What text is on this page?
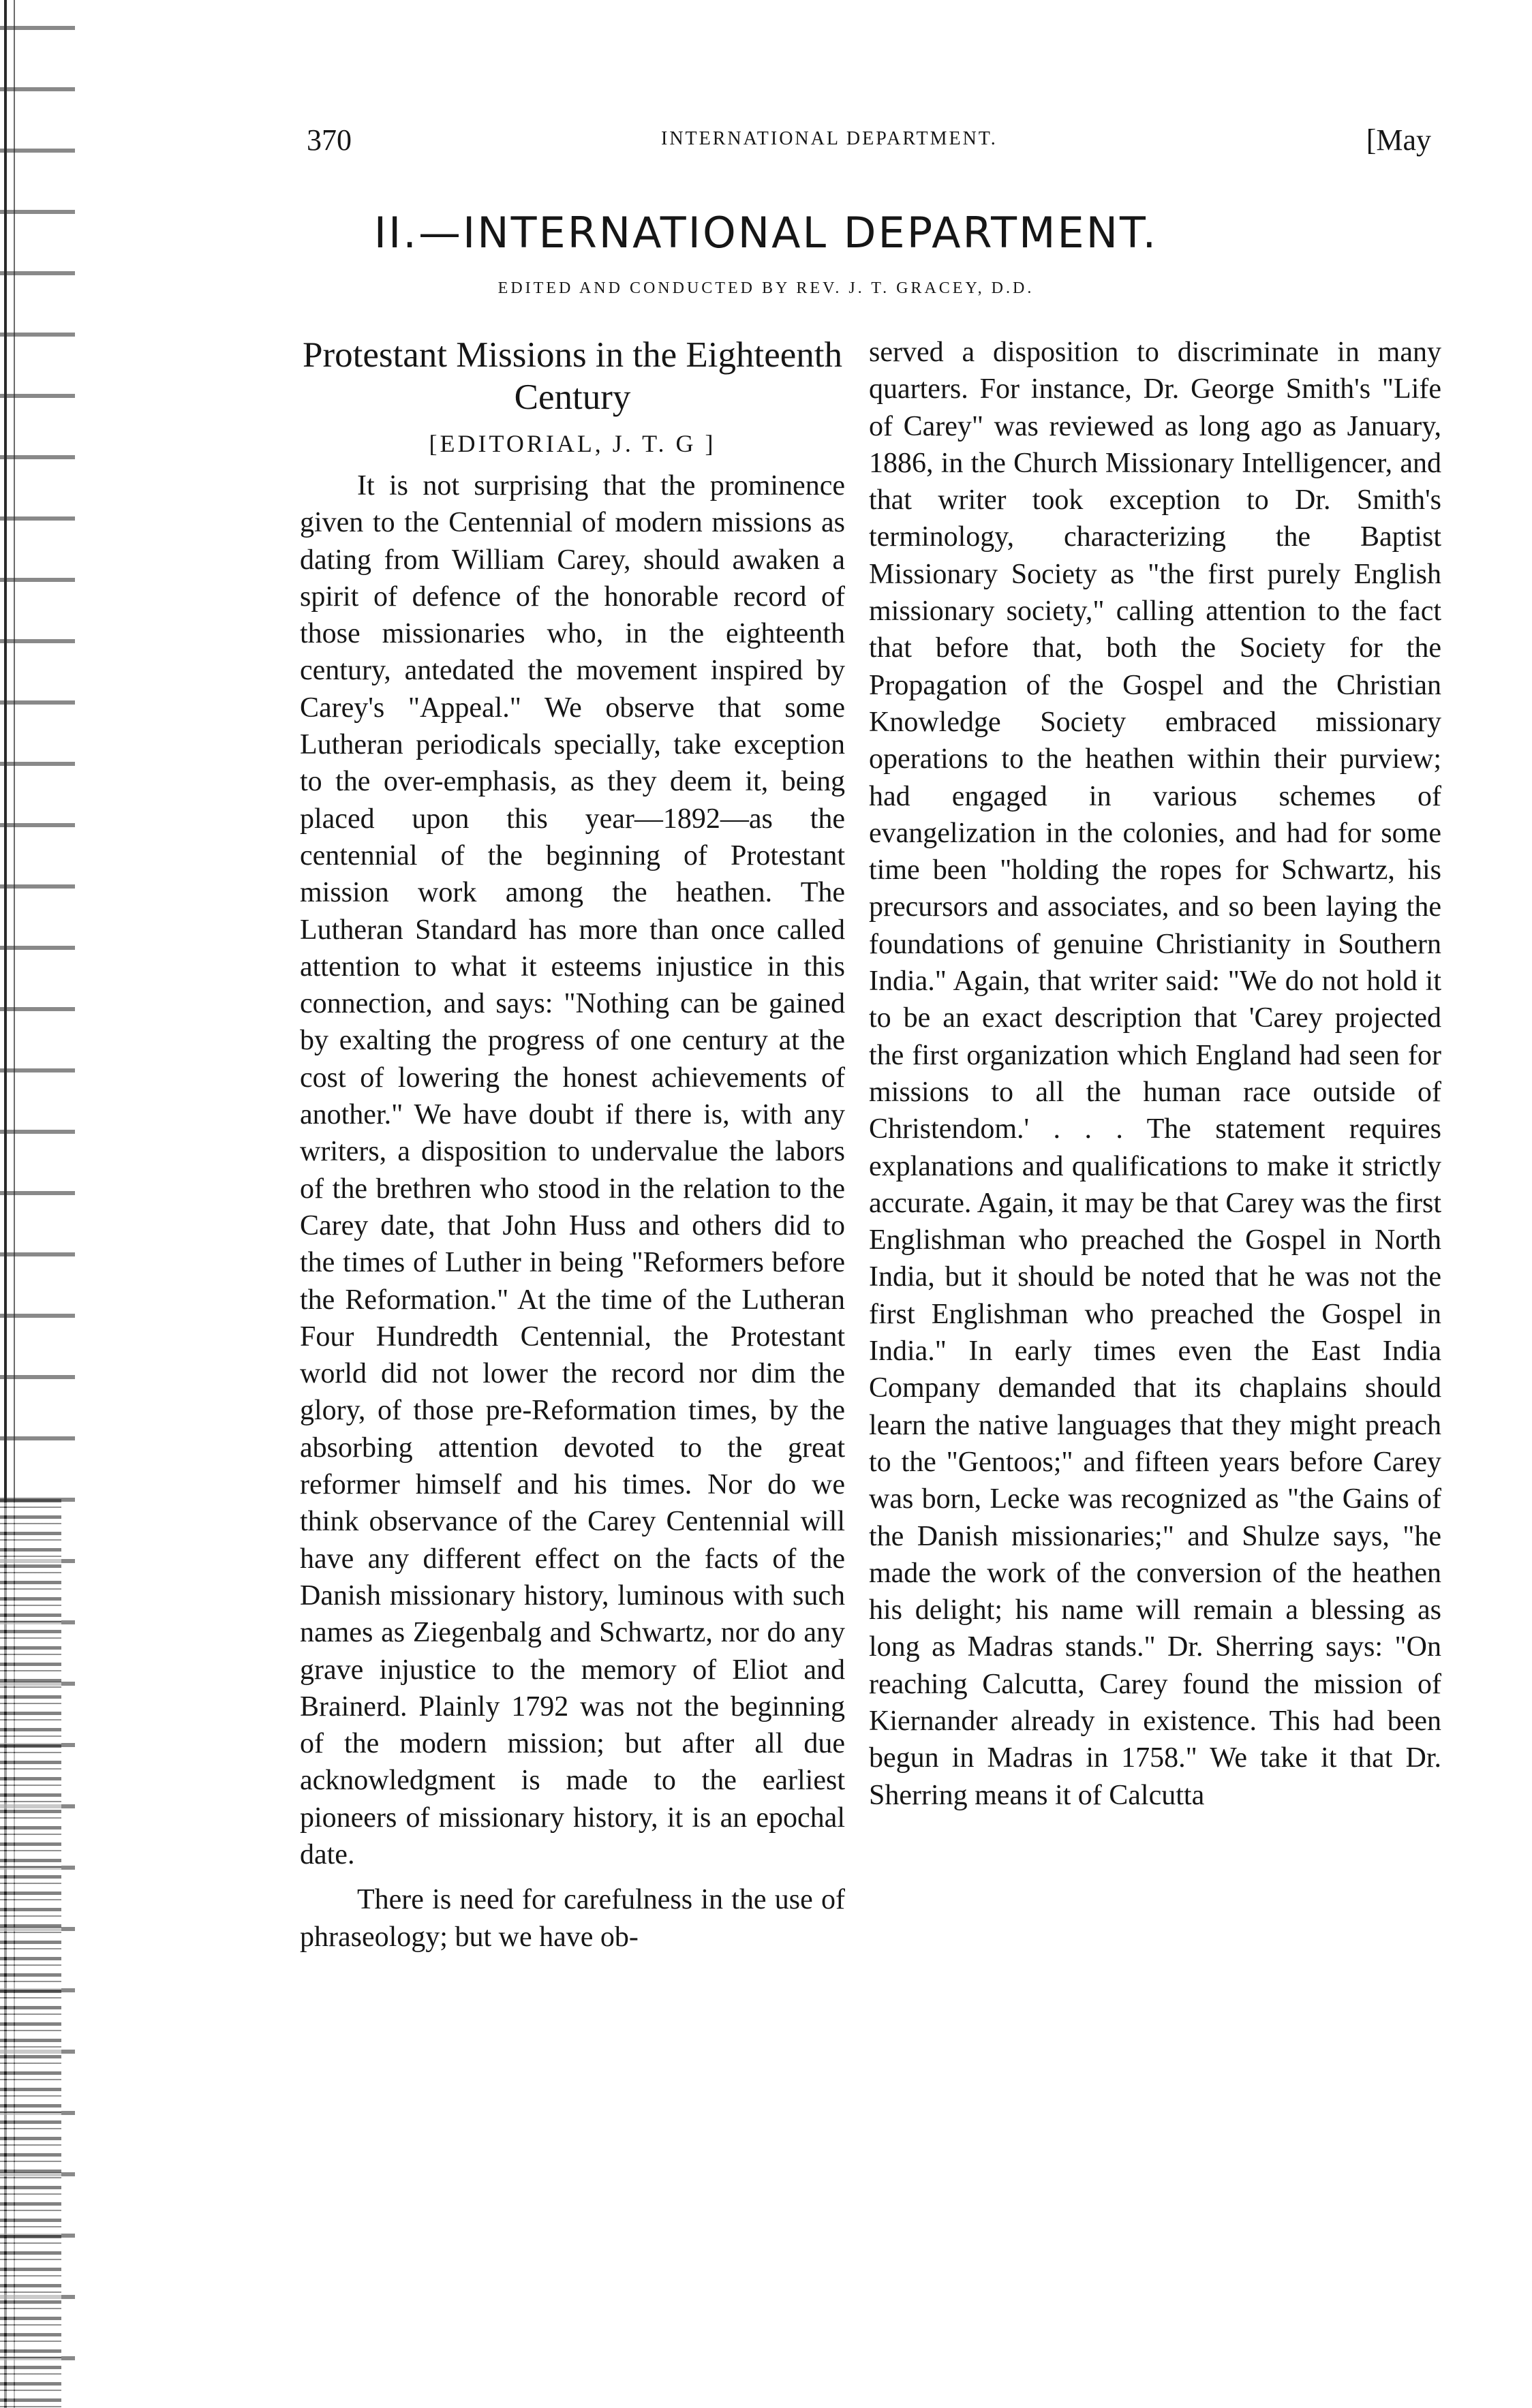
370	INTERNATIONAL DEPARTMENT.	[May
II.—INTERNATIONAL DEPARTMENT.
EDITED AND CONDUCTED BY REV. J. T. GRACEY, D.D.
Protestant Missions in the Eighteenth Century
[EDITORIAL, J. T. G ]

It is not surprising that the prominence given to the Centennial of modern missions as dating from William Carey, should awaken a spirit of defence of the honorable record of those missionaries who, in the eighteenth century, antedated the movement inspired by Carey's "Appeal." We observe that some Lutheran periodicals specially, take exception to the over-emphasis, as they deem it, being placed upon this year—1892—as the centennial of the beginning of Protestant mission work among the heathen. The Lutheran Standard has more than once called attention to what it esteems injustice in this connection, and says: "Nothing can be gained by exalting the progress of one century at the cost of lowering the honest achievements of another." We have doubt if there is, with any writers, a disposition to undervalue the labors of the brethren who stood in the relation to the Carey date, that John Huss and others did to the times of Luther in being "Reformers before the Reformation." At the time of the Lutheran Four Hundredth Centennial, the Protestant world did not lower the record nor dim the glory, of those pre-Reformation times, by the absorbing attention devoted to the great reformer himself and his times. Nor do we think observance of the Carey Centennial will have any different effect on the facts of the Danish missionary history, luminous with such names as Ziegenbalg and Schwartz, nor do any grave injustice to the memory of Eliot and Brainerd. Plainly 1792 was not the beginning of the modern mission; but after all due acknowledgment is made to the earliest pioneers of missionary history, it is an epochal date.

There is need for carefulness in the use of phraseology; but we have ob-

served a disposition to discriminate in many quarters. For instance, Dr. George Smith's "Life of Carey" was reviewed as long ago as January, 1886, in the Church Missionary Intelligencer, and that writer took exception to Dr. Smith's terminology, characterizing the Baptist Missionary Society as "the first purely English missionary society," calling attention to the fact that before that, both the Society for the Propagation of the Gospel and the Christian Knowledge Society embraced missionary operations to the heathen within their purview; had engaged in various schemes of evangelization in the colonies, and had for some time been "holding the ropes for Schwartz, his precursors and associates, and so been laying the foundations of genuine Christianity in Southern India." Again, that writer said: "We do not hold it to be an exact description that 'Carey projected the first organization which England had seen for missions to all the human race outside of Christendom.' . . . The statement requires explanations and qualifications to make it strictly accurate. Again, it may be that Carey was the first Englishman who preached the Gospel in North India, but it should be noted that he was not the first Englishman who preached the Gospel in India." In early times even the East India Company demanded that its chaplains should learn the native languages that they might preach to the "Gentoos;" and fifteen years before Carey was born, Lecke was recognized as "the Gains of the Danish missionaries;" and Shulze says, "he made the work of the conversion of the heathen his delight; his name will remain a blessing as long as Madras stands." Dr. Sherring says: "On reaching Calcutta, Carey found the mission of Kiernander already in existence. This had been begun in Madras in 1758." We take it that Dr. Sherring means it of Calcutta
